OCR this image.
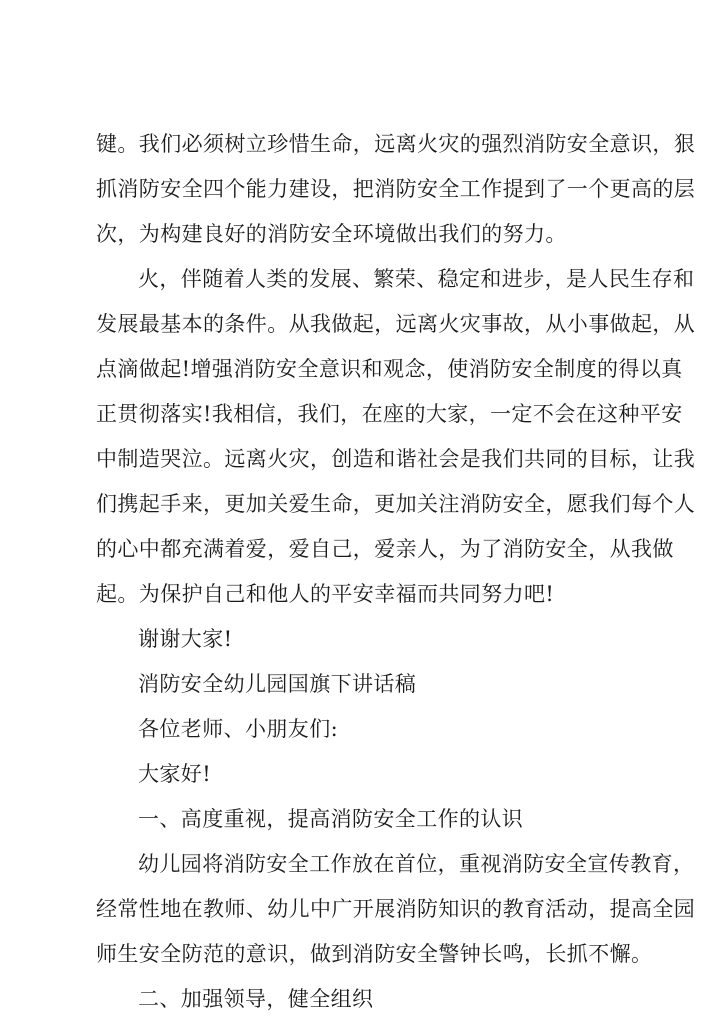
键。我们必须树立珍惜生命，远离火灾的强烈消防安全意识，狠
抓消防安全四个能力建设，把消防安全工作提到了一个更高的层
次，为构建良好的消防安全环境做出我们的努力。

火，伴随着人类的发展、繁荣、稳定和进步，是人民生存和
发展最基本的条件。从我做起，远离火灾事故，从小事做起，从
点滴做起!增强消防安全意识和观念，使消防安全制度的得以真
正贯彻落实!我相信，我们，在座的大家，一定不会在这种平安
中制造哭泣。远离火灾，创造和谐社会是我们共同的目标，让我
们携起手来，更加关爱生命，更加关注消防安全，愿我们每个人
的心中都充满着爱，爱自己，爱亲人，为了消防安全，从我做
起。为保护自己和他人的平安幸福而共同努力吧!

谢谢大家!

消防安全幼儿园国旗下讲话稿

各位老师、小朋友们:

大家好!

一、高度重视，提高消防安全工作的认识

幼儿园将消防安全工作放在首位，重视消防安全宣传教育，
经常性地在教师、幼儿中广开展消防知识的教育活动，提高全园
师生安全防范的意识，做到消防安全警钟长鸣，长抓不懈。

二、加强领导，健全组织
